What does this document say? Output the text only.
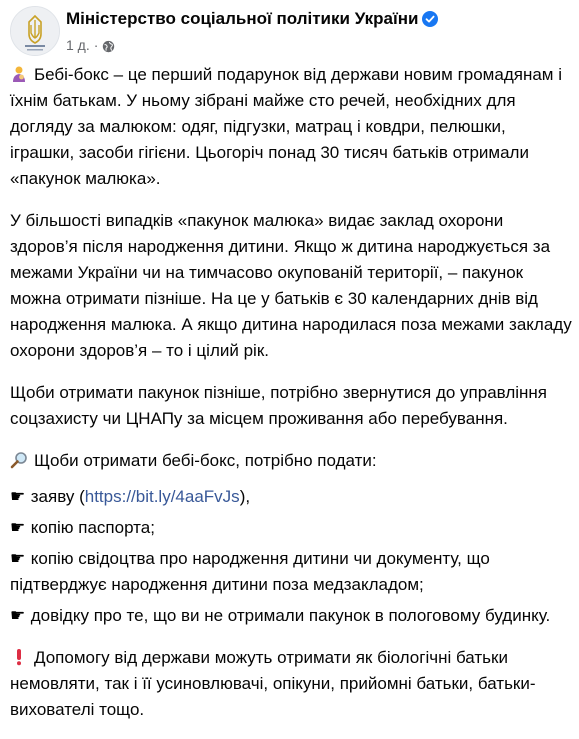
Міністерство соціальної політики України
1 д. ·

Бебі-бокс – це перший подарунок від держави новим громадянам і їхнім батькам. У ньому зібрані майже сто речей, необхідних для догляду за малюком: одяг, підгузки, матрац і ковдри, пелюшки, іграшки, засоби гігієни. Цьогоріч понад 30 тисяч батьків отримали «пакунок малюка».

У більшості випадків «пакунок малюка» видає заклад охорони здоров’я після народження дитини. Якщо ж дитина народжується за межами України чи на тимчасово окупованій території, – пакунок можна отримати пізніше. На це у батьків є 30 календарних днів від народження малюка. А якщо дитина народилася поза межами закладу охорони здоров’я – то і цілий рік.

Щоби отримати пакунок пізніше, потрібно звернутися до управління соцзахисту чи ЦНАПу за місцем проживання або перебування.

Щоби отримати бебі-бокс, потрібно подати:

☛ заяву (https://bit.ly/4aaFvJs),

☛ копію паспорта;

☛ копію свідоцтва про народження дитини чи документу, що підтверджує народження дитини поза медзакладом;

☛ довідку про те, що ви не отримали пакунок в пологовому будинку.

Допомогу від держави можуть отримати як біологічні батьки немовляти, так і її усиновлювачі, опікуни, прийомні батьки, батьки-вихователі тощо.
